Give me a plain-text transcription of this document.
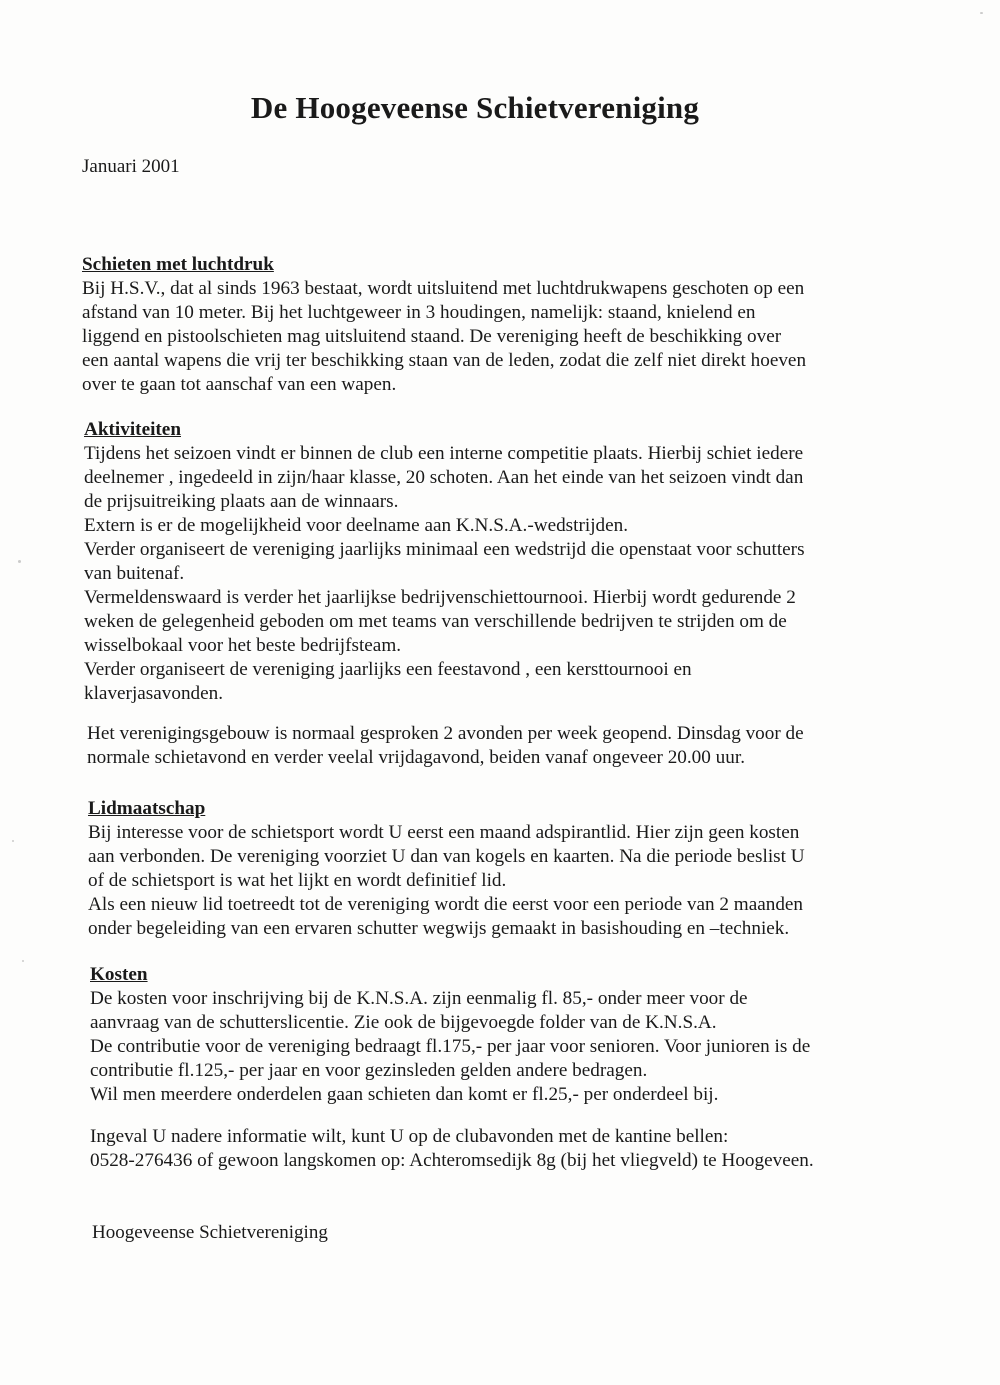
De Hoogeveense Schietvereniging

Januari 2001

Schieten met luchtdruk

Bij H.S.V., dat al sinds 1963 bestaat, wordt uitsluitend met luchtdrukwapens geschoten op een

afstand van 10 meter. Bij het luchtgeweer in 3 houdingen, namelijk: staand, knielend en

liggend en pistoolschieten mag uitsluitend staand. De vereniging heeft de beschikking over

een aantal wapens die vrij ter beschikking staan van de leden, zodat die zelf niet direkt hoeven

over te gaan tot aanschaf van een wapen.

Aktiviteiten

Tijdens het seizoen vindt er binnen de club een interne competitie plaats. Hierbij schiet iedere

deelnemer , ingedeeld in zijn/haar klasse, 20 schoten. Aan het einde van het seizoen vindt dan

de prijsuitreiking plaats aan de winnaars.

Extern is er de mogelijkheid voor deelname aan K.N.S.A.-wedstrijden.

Verder organiseert de vereniging jaarlijks minimaal een wedstrijd die openstaat voor schutters

van buitenaf.

Vermeldenswaard is verder het jaarlijkse bedrijvenschiettournooi. Hierbij wordt gedurende 2

weken de gelegenheid geboden om met teams van verschillende bedrijven te strijden om de

wisselbokaal voor het beste bedrijfsteam.

Verder organiseert de vereniging jaarlijks een feestavond , een kersttournooi en

klaverjasavonden.

Het verenigingsgebouw is normaal gesproken 2 avonden per week geopend. Dinsdag voor de

normale schietavond en verder veelal vrijdagavond, beiden vanaf ongeveer 20.00 uur.

Lidmaatschap

Bij interesse voor de schietsport wordt U eerst een maand adspirantlid. Hier zijn geen kosten

aan verbonden. De vereniging voorziet U dan van kogels en kaarten. Na die periode beslist U

of de schietsport is wat het lijkt en wordt definitief lid.

Als een nieuw lid toetreedt tot de vereniging wordt die eerst voor een periode van 2 maanden

onder begeleiding van een ervaren schutter wegwijs gemaakt in basishouding en –techniek.

Kosten

De kosten voor inschrijving bij de K.N.S.A. zijn eenmalig fl. 85,- onder meer voor de

aanvraag van de schutterslicentie. Zie ook de bijgevoegde folder van de K.N.S.A.

De contributie voor de vereniging bedraagt fl.175,- per jaar voor senioren. Voor junioren is de

contributie fl.125,- per jaar en voor gezinsleden gelden andere bedragen.

Wil men meerdere onderdelen gaan schieten dan komt er fl.25,- per onderdeel bij.

Ingeval U nadere informatie wilt, kunt U op de clubavonden met de kantine bellen:

0528-276436 of gewoon langskomen op: Achteromsedijk 8g (bij het vliegveld) te Hoogeveen.

Hoogeveense Schietvereniging
